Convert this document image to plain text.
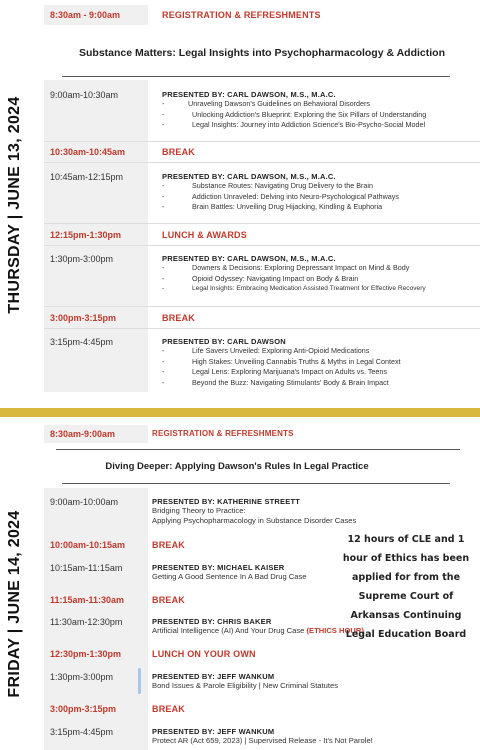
THURSDAY | JUNE 13, 2024
8:30am - 9:00am	REGISTRATION & REFRESHMENTS
Substance Matters: Legal Insights into Psychopharmacology & Addiction
9:00am-10:30am	PRESENTED BY: CARL DAWSON, M.S., M.A.C.
-	Unraveling Dawson's Guidelines on Behavioral Disorders
-	Unlocking Addiction's Blueprint: Exploring the Six Pillars of Understanding
-	Legal Insights: Journey into Addiction Science's Bio-Psycho-Social Model
10:30am-10:45am	BREAK
10:45am-12:15pm	PRESENTED BY: CARL DAWSON, M.S., M.A.C.
-	Substance Routes: Navigating Drug Delivery to the Brain
-	Addiction Unraveled: Delving into Neuro-Psychological Pathways
-	Brain Battles: Unveiling Drug Hijacking, Kindling & Euphoria
12:15pm-1:30pm	LUNCH & AWARDS
1:30pm-3:00pm	PRESENTED BY: CARL DAWSON, M.S., M.A.C.
-	Downers & Decisions: Exploring Depressant Impact on Mind & Body
-	Opioid Odyssey: Navigating Impact on Body & Brain
-	Legal Insights: Embracing Medication Assisted Treatment for Effective Recovery
3:00pm-3:15pm	BREAK
3:15pm-4:45pm	PRESENTED BY: CARL DAWSON
-	Life Savers Unveiled: Exploring Anti-Opioid Medications
-	High Stakes: Unveiling Cannabis Truths & Myths in Legal Context
-	Legal Lens: Exploring Marijuana's Impact on Adults vs. Teens
-	Beyond the Buzz: Navigating Stimulants' Body & Brain Impact
FRIDAY | JUNE 14, 2024
8:30am-9:00am	REGISTRATION & REFRESHMENTS
Diving Deeper: Applying Dawson's Rules In Legal Practice
9:00am-10:00am	PRESENTED BY: KATHERINE STREETT
Bridging Theory to Practice:
Applying Psychopharmacology in Substance Disorder Cases
10:00am-10:15am	BREAK
10:15am-11:15am	PRESENTED BY: MICHAEL KAISER
Getting A Good Sentence In A Bad Drug Case
11:15am-11:30am	BREAK
11:30am-12:30pm	PRESENTED BY: CHRIS BAKER
Artificial Intelligence (AI) And Your Drug Case (ETHICS HOUR)
12:30pm-1:30pm	LUNCH ON YOUR OWN
1:30pm-3:00pm	PRESENTED BY: JEFF WANKUM
Bond Issues & Parole Eligibility | New Criminal Statutes
3:00pm-3:15pm	BREAK
3:15pm-4:45pm	PRESENTED BY: JEFF WANKUM
Protect AR (Act 659, 2023) | Supervised Release - It's Not Parole!
12 hours of CLE and 1 hour of Ethics has been applied for from the Supreme Court of Arkansas Continuing Legal Education Board
